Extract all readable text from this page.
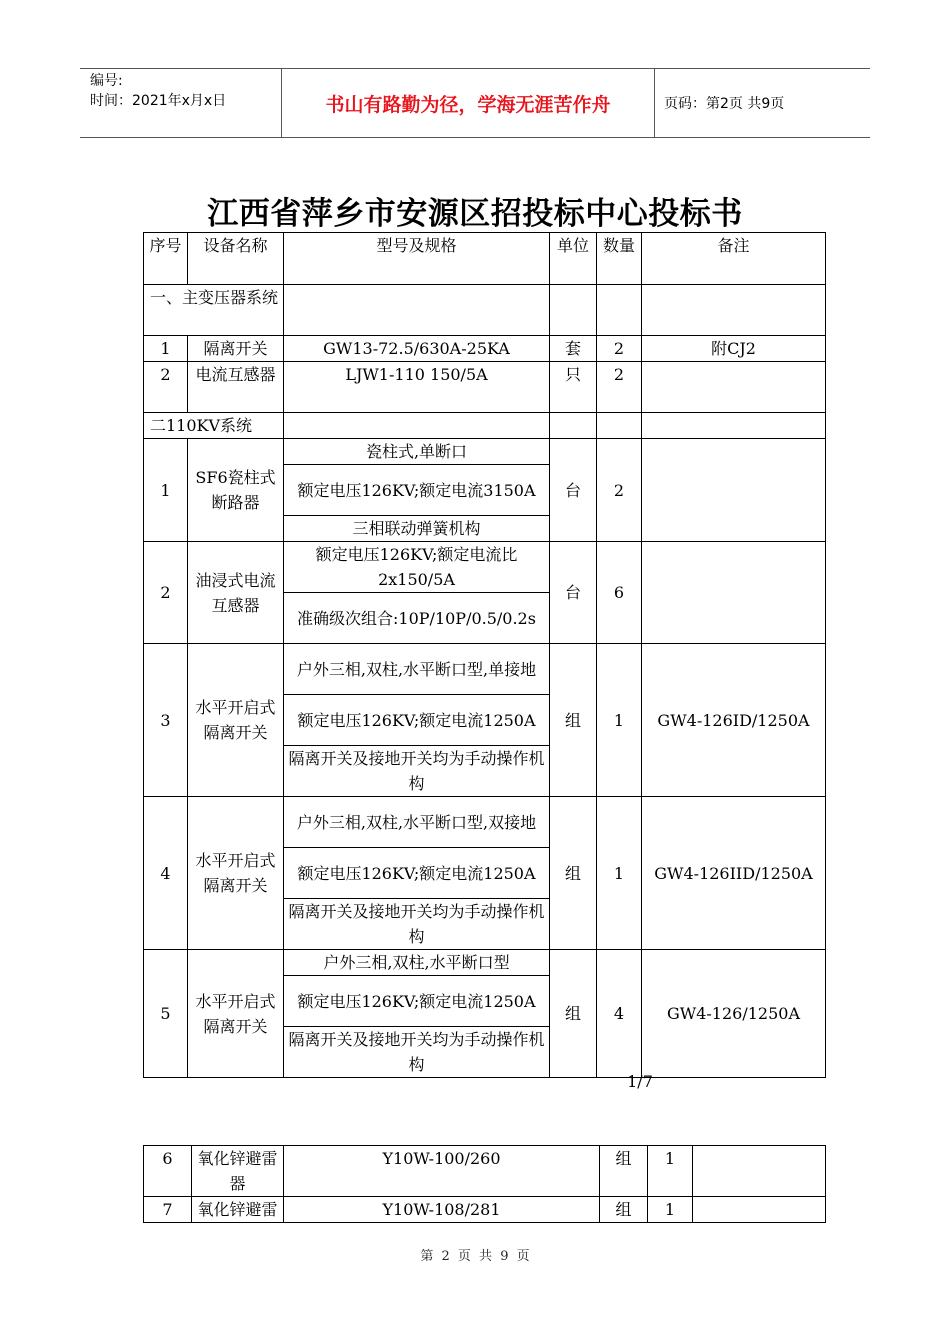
编号:
时间：2021年x月x日	书山有路勤为径，学海无涯苦作舟	页码：第2页 共9页
江西省萍乡市安源区招投标中心投标书
序号	设备名称	型号及规格	单位	数量	备注
一、主变压器系统					
1	隔离开关	GW13-72.5/630A-25KA	套	2	附CJ2
2	电流互感器	LJW1-110 150/5A	只	2	
二110KV系统					
1	SF6瓷柱式断路器	瓷柱式,单断口	台	2	
		额定电压126KV;额定电流3150A			
		三相联动弹簧机构			
2	油浸式电流互感器	额定电压126KV;额定电流比2x150/5A	台	6	
		准确级次组合:10P/10P/0.5/0.2s			
3	水平开启式隔离开关	户外三相,双柱,水平断口型,单接地	组	1	GW4-126ID/1250A
		额定电压126KV;额定电流1250A			
		隔离开关及接地开关均为手动操作机构			
4	水平开启式隔离开关	户外三相,双柱,水平断口型,双接地	组	1	GW4-126IID/1250A
		额定电压126KV;额定电流1250A			
		隔离开关及接地开关均为手动操作机构			
5	水平开启式隔离开关	户外三相,双柱,水平断口型	组	4	GW4-126/1250A
		额定电压126KV;额定电流1250A			
		隔离开关及接地开关均为手动操作机构			
1/7
6	氧化锌避雷器	Y10W-100/260	组	1	
7	氧化锌避雷	Y10W-108/281	组	1	
第 2 页 共 9 页
